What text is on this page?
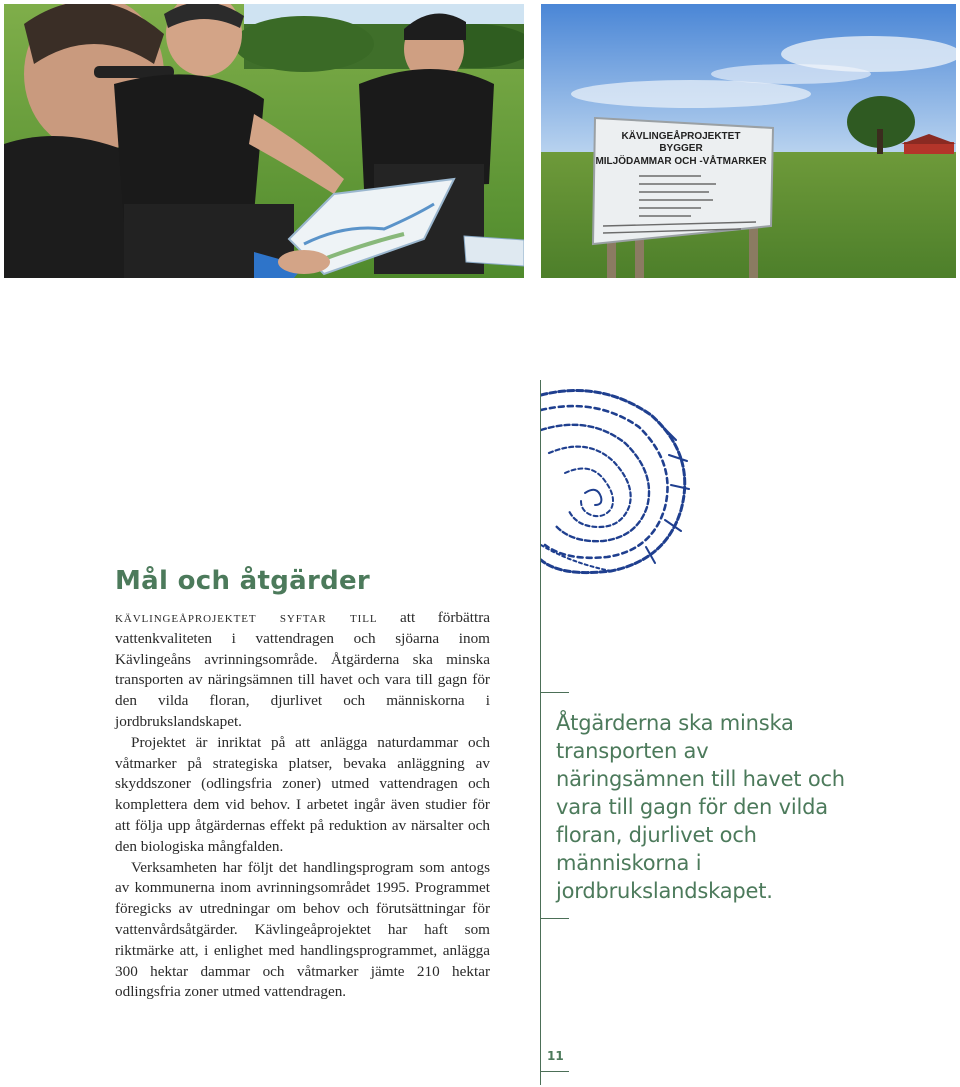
KÄVLINGEÅPROJEKTET
BYGGER
MILJÖDAMMAR OCH -VÅTMARKER
Mål och åtgärder

kävlingeåprojektet syftar till att förbättra vattenkvaliteten i vattendragen och sjöarna inom Kävlingeåns avrinningsområde. Åtgärderna ska minska transporten av näringsämnen till havet och vara till gagn för den vilda floran, djurlivet och människorna i jordbrukslandskapet.

Projektet är inriktat på att anlägga naturdammar och våtmarker på strategiska platser, bevaka anläggning av skyddszoner (odlingsfria zoner) utmed vattendragen och komplettera dem vid behov. I arbetet ingår även studier för att följa upp åtgärdernas effekt på reduktion av närsalter och den biologiska mångfalden.

Verksamheten har följt det handlingsprogram som antogs av kommunerna inom avrinningsområdet 1995. Programmet föregicks av utredningar om behov och förutsättningar för vattenvårdsåtgärder. Kävlingeåprojektet har haft som riktmärke att, i enlighet med handlingsprogrammet, anlägga 300 hektar dammar och våtmarker jämte 210 hektar odlingsfria zoner utmed vattendragen.

Åtgärderna ska minska transporten av näringsämnen till havet och vara till gagn för den vilda floran, djurlivet och människorna i jordbrukslandskapet.

11
